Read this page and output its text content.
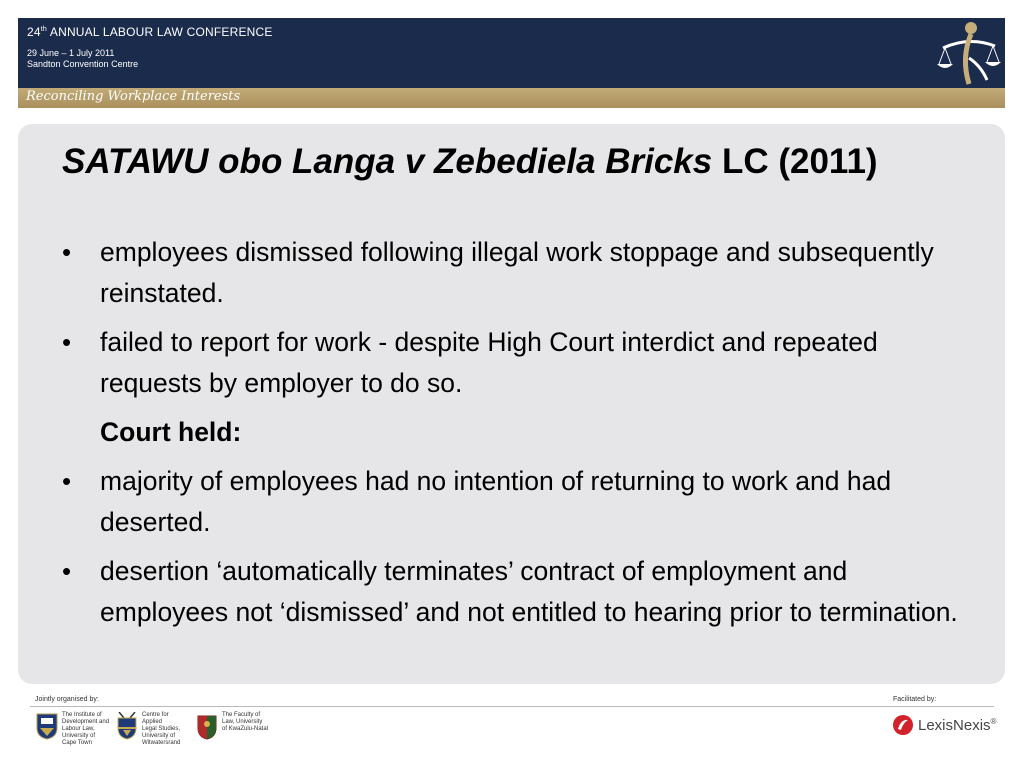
24th ANNUAL LABOUR LAW CONFERENCE
29 June – 1 July 2011
Sandton Convention Centre
Reconciling Workplace Interests
SATAWU obo Langa v Zebediela Bricks LC (2011)
• employees dismissed following illegal work stoppage and subsequently reinstated.
• failed to report for work - despite High Court interdict and repeated requests by employer to do so.
Court held:
• majority of employees had no intention of returning to work and had deserted.
• desertion ‘automatically terminates’ contract of employment and employees not ‘dismissed’ and not entitled to hearing prior to termination.
Jointly organised by:	Facilitated by:
The Institute of
Development and
Labour Law,
University of
Cape Town
Centre for Applied
Legal Studies,
University of
Witwatersrand
The Faculty of
Law, University
of KwaZulu-Natal	LexisNexis®
